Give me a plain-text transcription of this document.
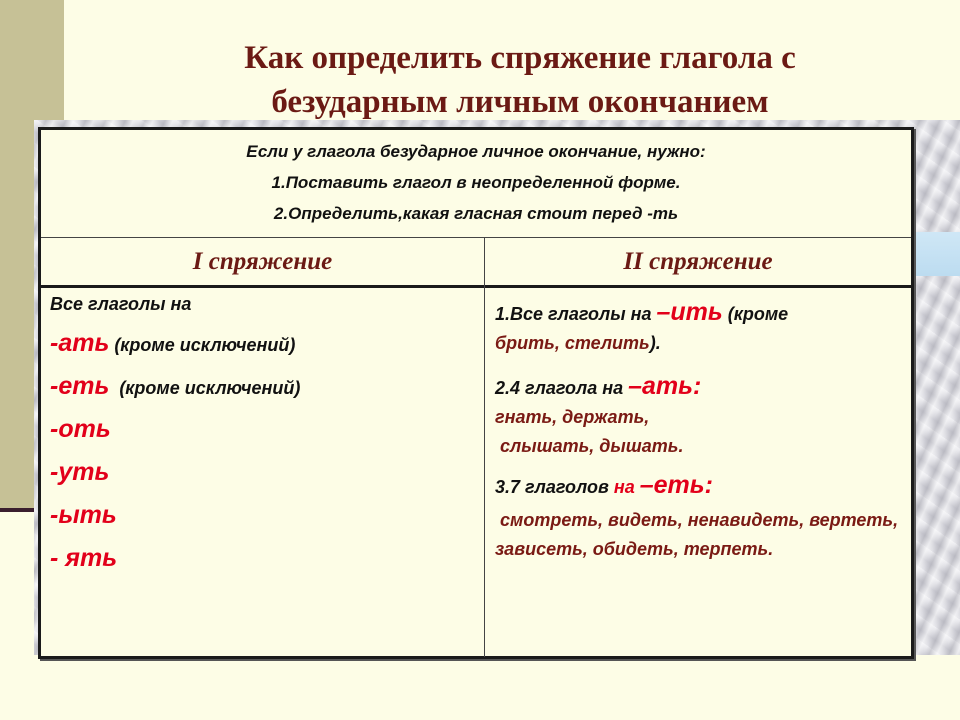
Как определить спряжение глагола с
безударным личным окончанием
Если у глагола безударное личное окончание, нужно:
1.Поставить глагол в неопределенной форме.
2.Определить,какая гласная стоит перед -ть
I спряжение	II спряжение
Все глаголы на
-ать (кроме исключений)
-еть  (кроме исключений)
-оть
-уть
-ыть
- ять
1.Все глаголы на –ить (кроме
брить, стелить).
2.4 глагола на –ать:
гнать, держать,
слышать, дышать.
3.7 глаголов на –еть:
смотреть, видеть, ненавидеть, вертеть, зависеть, обидеть, терпеть.
